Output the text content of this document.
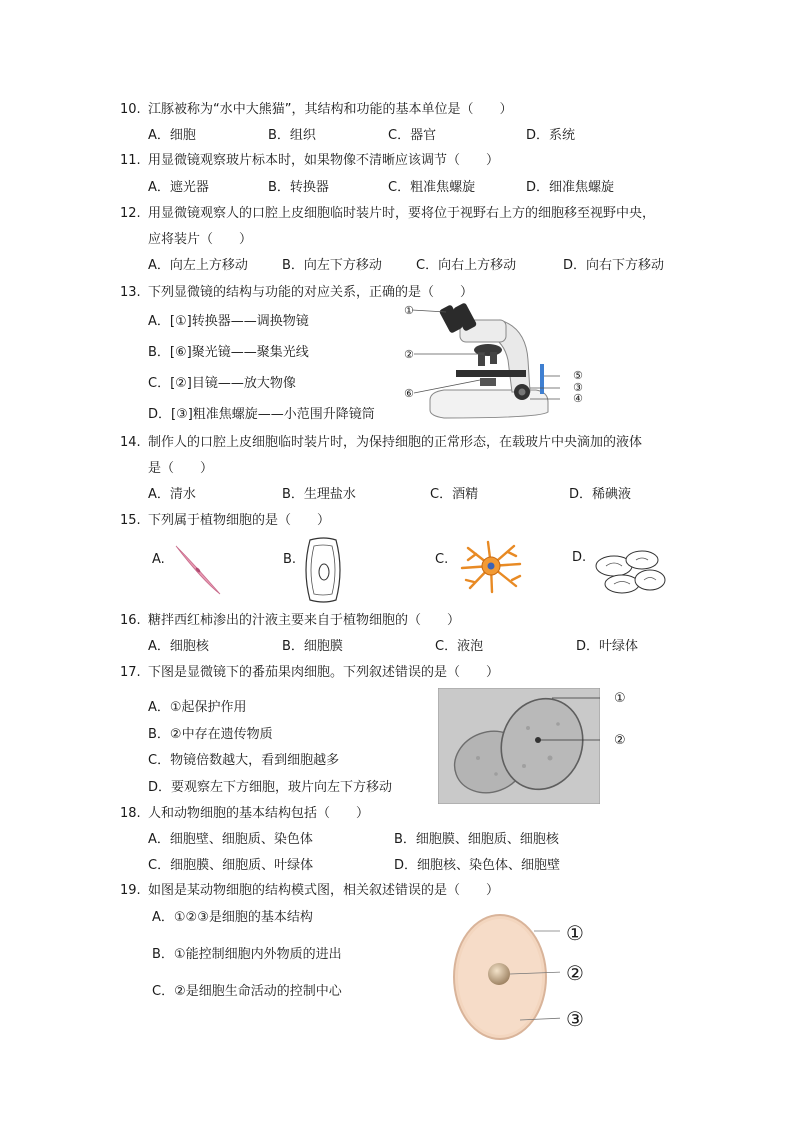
10. 江豚被称为“水中大熊猫”，其结构和功能的基本单位是（　　）
A．细胞	B．组织	C．器官	D．系统
11. 用显微镜观察玻片标本时，如果物像不清晰应该调节（　　）
A．遮光器	B．转换器	C．粗准焦螺旋	D．细准焦螺旋
12. 用显微镜观察人的口腔上皮细胞临时装片时，要将位于视野右上方的细胞移至视野中央，
应将装片（　　）
A．向左上方移动	B．向左下方移动	C．向右上方移动	D．向右下方移动
13. 下列显微镜的结构与功能的对应关系，正确的是（　　）
A．[①]转换器——调换物镜
B．[⑥]聚光镜——聚集光线
C．[②]目镜——放大物像
D．[③]粗准焦螺旋——小范围升降镜筒
①
②
⑤
③
⑥	④
14. 制作人的口腔上皮细胞临时装片时，为保持细胞的正常形态，在载玻片中央滴加的液体
是（　　）
A．清水	B．生理盐水	C．酒精	D．稀碘液
15. 下列属于植物细胞的是（　　）
A.	B.	C.	D.
16. 糖拌西红柿渗出的汁液主要来自于植物细胞的（　　）
A．细胞核	B．细胞膜	C．液泡	D．叶绿体
17. 下图是显微镜下的番茄果肉细胞。下列叙述错误的是（　　）
A．①起保护作用
B．②中存在遗传物质
C．物镜倍数越大，看到细胞越多
D．要观察左下方细胞，玻片向左下方移动
①
②
18. 人和动物细胞的基本结构包括（　　）
A．细胞壁、细胞质、染色体	B．细胞膜、细胞质、细胞核
C．细胞膜、细胞质、叶绿体	D．细胞核、染色体、细胞壁
19. 如图是某动物细胞的结构模式图，相关叙述错误的是（　　）
A．①②③是细胞的基本结构
B．①能控制细胞内外物质的进出
C．②是细胞生命活动的控制中心
①
②
③
